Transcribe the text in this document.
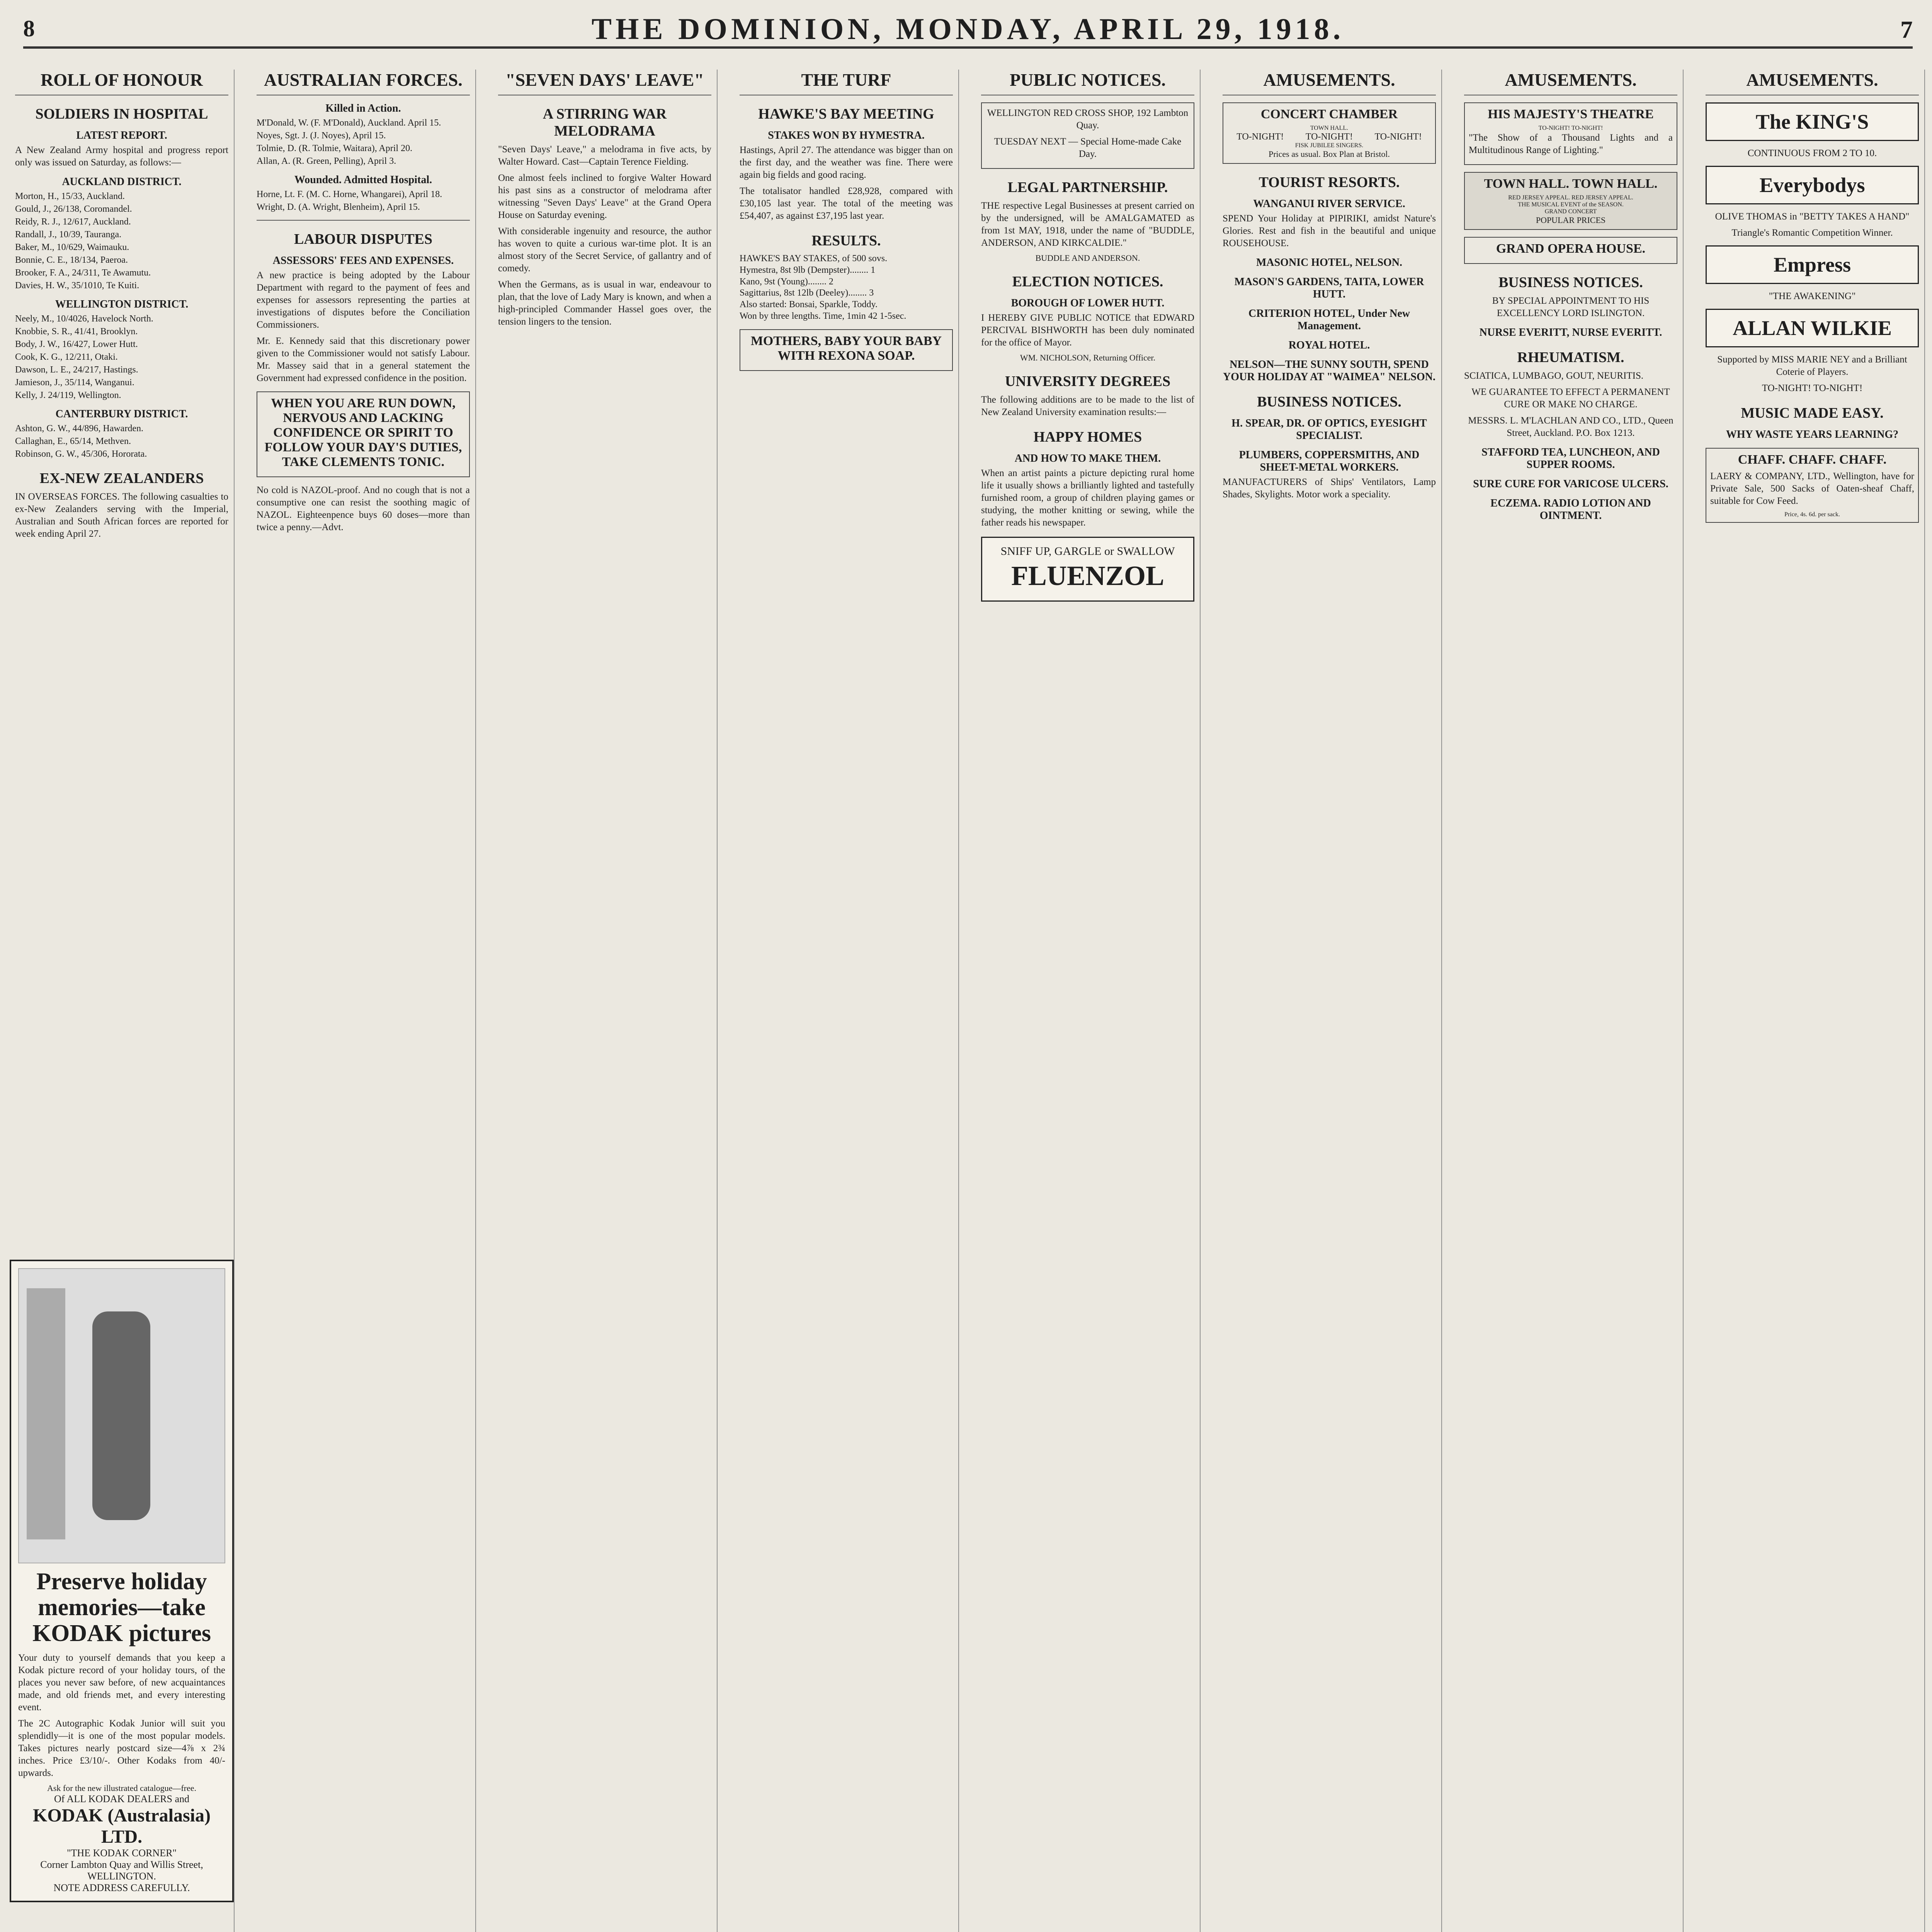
8	THE DOMINION, MONDAY, APRIL 29, 1918.	7
ROLL OF HONOUR
SOLDIERS IN HOSPITAL
LATEST REPORT.

A New Zealand Army hospital and progress report only was issued on Saturday, as follows:—

AUCKLAND DISTRICT.
Morton, H., 15/33, Auckland.
Gould, J., 26/138, Coromandel.
Reidy, R. J., 12/617, Auckland.
Randall, J., 10/39, Tauranga.
Baker, M., 10/629, Waimauku.
Bonnie, C. E., 18/134, Paeroa.
Brooker, F. A., 24/311, Te Awamutu.
Davies, H. W., 35/1010, Te Kuiti.
WELLINGTON DISTRICT.
Neely, M., 10/4026, Havelock North.
Knobbie, S. R., 41/41, Brooklyn.
Body, J. W., 16/427, Lower Hutt.
Cook, K. G., 12/211, Otaki.
Dawson, L. E., 24/217, Hastings.
Jamieson, J., 35/114, Wanganui.
Kelly, J. 24/119, Wellington.
CANTERBURY DISTRICT.
Ashton, G. W., 44/896, Hawarden.
Callaghan, E., 65/14, Methven.
Robinson, G. W., 45/306, Hororata.
EX-NEW ZEALANDERS

IN OVERSEAS FORCES. The following casualties to ex-New Zealanders serving with the Imperial, Australian and South African forces are reported for week ending April 27.

Preserve holiday memories—take KODAK pictures

Your duty to yourself demands that you keep a Kodak picture record of your holiday tours, of the places you never saw before, of new acquaintances made, and old friends met, and every interesting event.

The 2C Autographic Kodak Junior will suit you splendidly—it is one of the most popular models. Takes pictures nearly postcard size—4⅞ x 2¾ inches. Price £3/10/-. Other Kodaks from 40/- upwards.

Ask for the new illustrated catalogue—free.
Of ALL KODAK DEALERS and
KODAK (Australasia) LTD.
"THE KODAK CORNER"
Corner Lambton Quay and Willis Street, WELLINGTON.
NOTE ADDRESS CAREFULLY.
AUSTRALIAN FORCES.
Killed in Action.
M'Donald, W. (F. M'Donald), Auckland. April 15.
Noyes, Sgt. J. (J. Noyes), April 15.
Tolmie, D. (R. Tolmie, Waitara), April 20.
Allan, A. (R. Green, Pelling), April 3.
Wounded. Admitted Hospital.
Horne, Lt. F. (M. C. Horne, Whangarei), April 18.
Wright, D. (A. Wright, Blenheim), April 15.
LABOUR DISPUTES
ASSESSORS' FEES AND EXPENSES.

A new practice is being adopted by the Labour Department with regard to the payment of fees and expenses for assessors representing the parties at investigations of disputes before the Conciliation Commissioners.

Mr. E. Kennedy said that this discretionary power given to the Commissioner would not satisfy Labour. Mr. Massey said that in a general statement the Government had expressed confidence in the position.

WHEN YOU ARE RUN DOWN, NERVOUS AND LACKING CONFIDENCE OR SPIRIT TO FOLLOW YOUR DAY'S DUTIES, TAKE CLEMENTS TONIC.

No cold is NAZOL-proof. And no cough that is not a consumptive one can resist the soothing magic of NAZOL. Eighteenpence buys 60 doses—more than twice a penny.—Advt.

"SEVEN DAYS' LEAVE"
A STIRRING WAR MELODRAMA

"Seven Days' Leave," a melodrama in five acts, by Walter Howard. Cast—Captain Terence Fielding.

One almost feels inclined to forgive Walter Howard his past sins as a constructor of melodrama after witnessing "Seven Days' Leave" at the Grand Opera House on Saturday evening.

With considerable ingenuity and resource, the author has woven to quite a curious war-time plot. It is an almost story of the Secret Service, of gallantry and of comedy.

When the Germans, as is usual in war, endeavour to plan, that the love of Lady Mary is known, and when a high-principled Commander Hassel goes over, the tension lingers to the tension.

THE TURF
HAWKE'S BAY MEETING
STAKES WON BY HYMESTRA.

Hastings, April 27. The attendance was bigger than on the first day, and the weather was fine. There were again big fields and good racing.

The totalisator handled £28,928, compared with £30,105 last year. The total of the meeting was £54,407, as against £37,195 last year.

RESULTS.
HAWKE'S BAY STAKES, of 500 sovs.
Hymestra, 8st 9lb (Dempster)........ 1
Kano, 9st (Young)........ 2
Sagittarius, 8st 12lb (Deeley)........ 3
Also started: Bonsai, Sparkle, Toddy.
Won by three lengths. Time, 1min 42 1-5sec.
MOTHERS, BABY YOUR BABY WITH REXONA SOAP.
PUBLIC NOTICES.

WELLINGTON RED CROSS SHOP, 192 Lambton Quay.

TUESDAY NEXT — Special Home-made Cake Day.

LEGAL PARTNERSHIP.

THE respective Legal Businesses at present carried on by the undersigned, will be AMALGAMATED as from 1st MAY, 1918, under the name of "BUDDLE, ANDERSON, AND KIRKCALDIE."

BUDDLE AND ANDERSON.
ELECTION NOTICES.
BOROUGH OF LOWER HUTT.

I HEREBY GIVE PUBLIC NOTICE that EDWARD PERCIVAL BISHWORTH has been duly nominated for the office of Mayor.

WM. NICHOLSON, Returning Officer.
UNIVERSITY DEGREES

The following additions are to be made to the list of New Zealand University examination results:—

HAPPY HOMES
AND HOW TO MAKE THEM.

When an artist paints a picture depicting rural home life it usually shows a brilliantly lighted and tastefully furnished room, a group of children playing games or studying, the mother knitting or sewing, while the father reads his newspaper.

SNIFF UP, GARGLE or SWALLOW
FLUENZOL
AMUSEMENTS.
CONCERT CHAMBER
TOWN HALL.
TO-NIGHT!	TO-NIGHT!	TO-NIGHT!
FISK JUBILEE SINGERS.
Prices as usual. Box Plan at Bristol.
TOURIST RESORTS.
WANGANUI RIVER SERVICE.

SPEND Your Holiday at PIPIRIKI, amidst Nature's Glories. Rest and fish in the beautiful and unique ROUSEHOUSE.

MASONIC HOTEL, NELSON.
MASON'S GARDENS, TAITA, LOWER HUTT.
CRITERION HOTEL, Under New Management.
ROYAL HOTEL.
NELSON—THE SUNNY SOUTH, SPEND YOUR HOLIDAY AT "WAIMEA" NELSON.
BUSINESS NOTICES.
H. SPEAR, DR. OF OPTICS, EYESIGHT SPECIALIST.
PLUMBERS, COPPERSMITHS, AND SHEET-METAL WORKERS.

MANUFACTURERS of Ships' Ventilators, Lamp Shades, Skylights. Motor work a speciality.

AMUSEMENTS.
HIS MAJESTY'S THEATRE
TO-NIGHT! TO-NIGHT!

"The Show of a Thousand Lights and a Multitudinous Range of Lighting."

TOWN HALL. TOWN HALL.
RED JERSEY APPEAL. RED JERSEY APPEAL.
THE MUSICAL EVENT of the SEASON.
GRAND CONCERT
POPULAR PRICES
GRAND OPERA HOUSE.
BUSINESS NOTICES.

BY SPECIAL APPOINTMENT TO HIS EXCELLENCY LORD ISLINGTON.

NURSE EVERITT, NURSE EVERITT.
RHEUMATISM.

SCIATICA, LUMBAGO, GOUT, NEURITIS.

WE GUARANTEE TO EFFECT A PERMANENT CURE OR MAKE NO CHARGE.

MESSRS. L. M'LACHLAN AND CO., LTD., Queen Street, Auckland. P.O. Box 1213.

STAFFORD TEA, LUNCHEON, AND SUPPER ROOMS.
SURE CURE FOR VARICOSE ULCERS.
ECZEMA. RADIO LOTION AND OINTMENT.
AMUSEMENTS.
The KING'S

CONTINUOUS FROM 2 TO 10.

Everybodys

OLIVE THOMAS in "BETTY TAKES A HAND"

Triangle's Romantic Competition Winner.

Empress

"THE AWAKENING"

ALLAN WILKIE

Supported by MISS MARIE NEY and a Brilliant Coterie of Players.

TO-NIGHT! TO-NIGHT!

MUSIC MADE EASY.
WHY WASTE YEARS LEARNING?
CHAFF. CHAFF. CHAFF.

LAERY & COMPANY, LTD., Wellington, have for Private Sale, 500 Sacks of Oaten-sheaf Chaff, suitable for Cow Feed.

Price, 4s. 6d. per sack.
